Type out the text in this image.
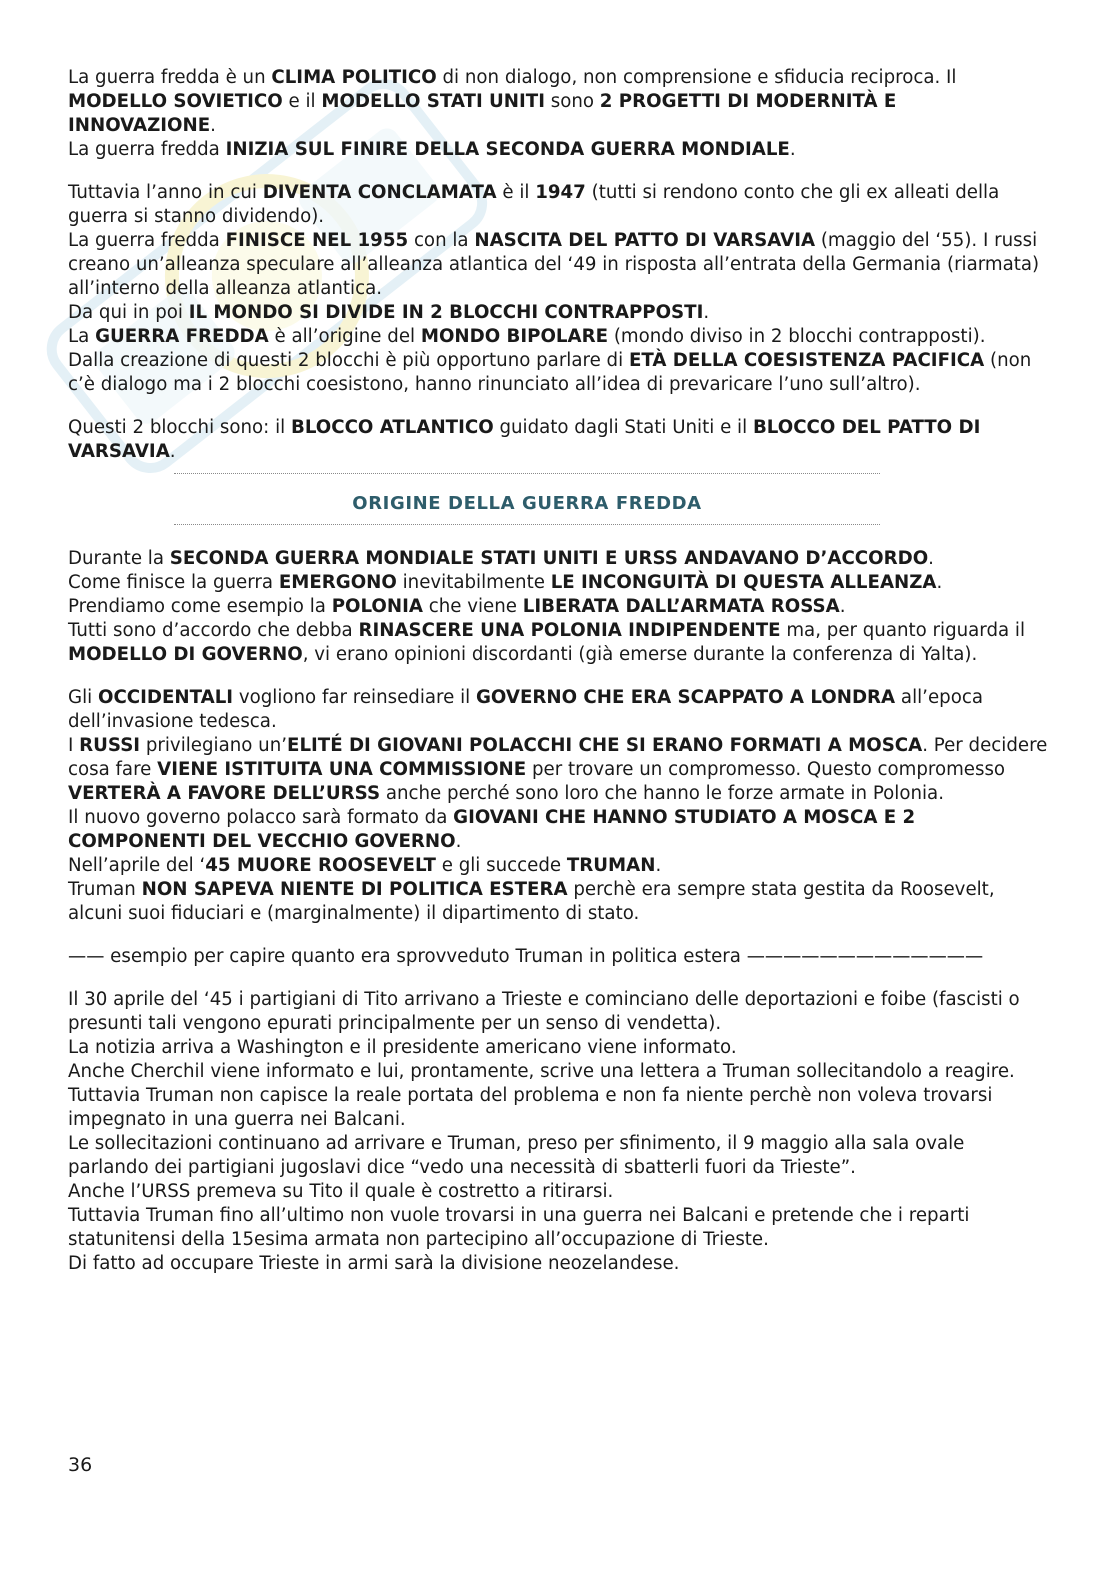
La guerra fredda è un CLIMA POLITICO di non dialogo, non comprensione e sfiducia reciproca. Il MODELLO SOVIETICO e il MODELLO STATI UNITI sono 2 PROGETTI DI MODERNITÀ E INNOVAZIONE.
La guerra fredda INIZIA SUL FINIRE DELLA SECONDA GUERRA MONDIALE.
Tuttavia l’anno in cui DIVENTA CONCLAMATA è il 1947 (tutti si rendono conto che gli ex alleati della guerra si stanno dividendo).
La guerra fredda FINISCE NEL 1955 con la NASCITA DEL PATTO DI VARSAVIA (maggio del ‘55). I russi creano un’alleanza speculare all’alleanza atlantica del ‘49 in risposta all’entrata della Germania (riarmata) all’interno della alleanza atlantica.
Da qui in poi IL MONDO SI DIVIDE IN 2 BLOCCHI CONTRAPPOSTI.
La GUERRA FREDDA è all’origine del MONDO BIPOLARE (mondo diviso in 2 blocchi contrapposti).
Dalla creazione di questi 2 blocchi è più opportuno parlare di ETÀ DELLA COESISTENZA PACIFICA (non c’è dialogo ma i 2 blocchi coesistono, hanno rinunciato all’idea di prevaricare l’uno sull’altro).
Questi 2 blocchi sono: il BLOCCO ATLANTICO guidato dagli Stati Uniti e il BLOCCO DEL PATTO DI VARSAVIA.
ORIGINE DELLA GUERRA FREDDA
Durante la SECONDA GUERRA MONDIALE STATI UNITI E URSS ANDAVANO D’ACCORDO.
Come finisce la guerra EMERGONO inevitabilmente LE INCONGUITÀ DI QUESTA ALLEANZA.
Prendiamo come esempio la POLONIA che viene LIBERATA DALL’ARMATA ROSSA.
Tutti sono d’accordo che debba RINASCERE UNA POLONIA INDIPENDENTE ma, per quanto riguarda il MODELLO DI GOVERNO, vi erano opinioni discordanti (già emerse durante la conferenza di Yalta).
Gli OCCIDENTALI vogliono far reinsediare il GOVERNO CHE ERA SCAPPATO A LONDRA all’epoca dell’invasione tedesca.
I RUSSI privilegiano un’ELITÉ DI GIOVANI POLACCHI CHE SI ERANO FORMATI A MOSCA. Per decidere cosa fare VIENE ISTITUITA UNA COMMISSIONE per trovare un compromesso. Questo compromesso VERTERÀ A FAVORE DELL’URSS anche perché sono loro che hanno le forze armate in Polonia.
Il nuovo governo polacco sarà formato da GIOVANI CHE HANNO STUDIATO A MOSCA E 2 COMPONENTI DEL VECCHIO GOVERNO.
Nell’aprile del ‘45 MUORE ROOSEVELT e gli succede TRUMAN.
Truman NON SAPEVA NIENTE DI POLITICA ESTERA perchè era sempre stata gestita da Roosevelt, alcuni suoi fiduciari e (marginalmente) il dipartimento di stato.
—— esempio per capire quanto era sprovveduto Truman in politica estera —————————————
Il 30 aprile del ‘45 i partigiani di Tito arrivano a Trieste e cominciano delle deportazioni e foibe (fascisti o presunti tali vengono epurati principalmente per un senso di vendetta).
La notizia arriva a Washington e il presidente americano viene informato.
Anche Cherchil viene informato e lui, prontamente, scrive una lettera a Truman sollecitandolo a reagire.
Tuttavia Truman non capisce la reale portata del problema e non fa niente perchè non voleva trovarsi impegnato in una guerra nei Balcani.
Le sollecitazioni continuano ad arrivare e Truman, preso per sfinimento, il 9 maggio alla sala ovale parlando dei partigiani jugoslavi dice “vedo una necessità di sbatterli fuori da Trieste”.
Anche l’URSS premeva su Tito il quale è costretto a ritirarsi.
Tuttavia Truman fino all’ultimo non vuole trovarsi in una guerra nei Balcani e pretende che i reparti statunitensi della 15esima armata non partecipino all’occupazione di Trieste.
Di fatto ad occupare Trieste in armi sarà la divisione neozelandese.
36
